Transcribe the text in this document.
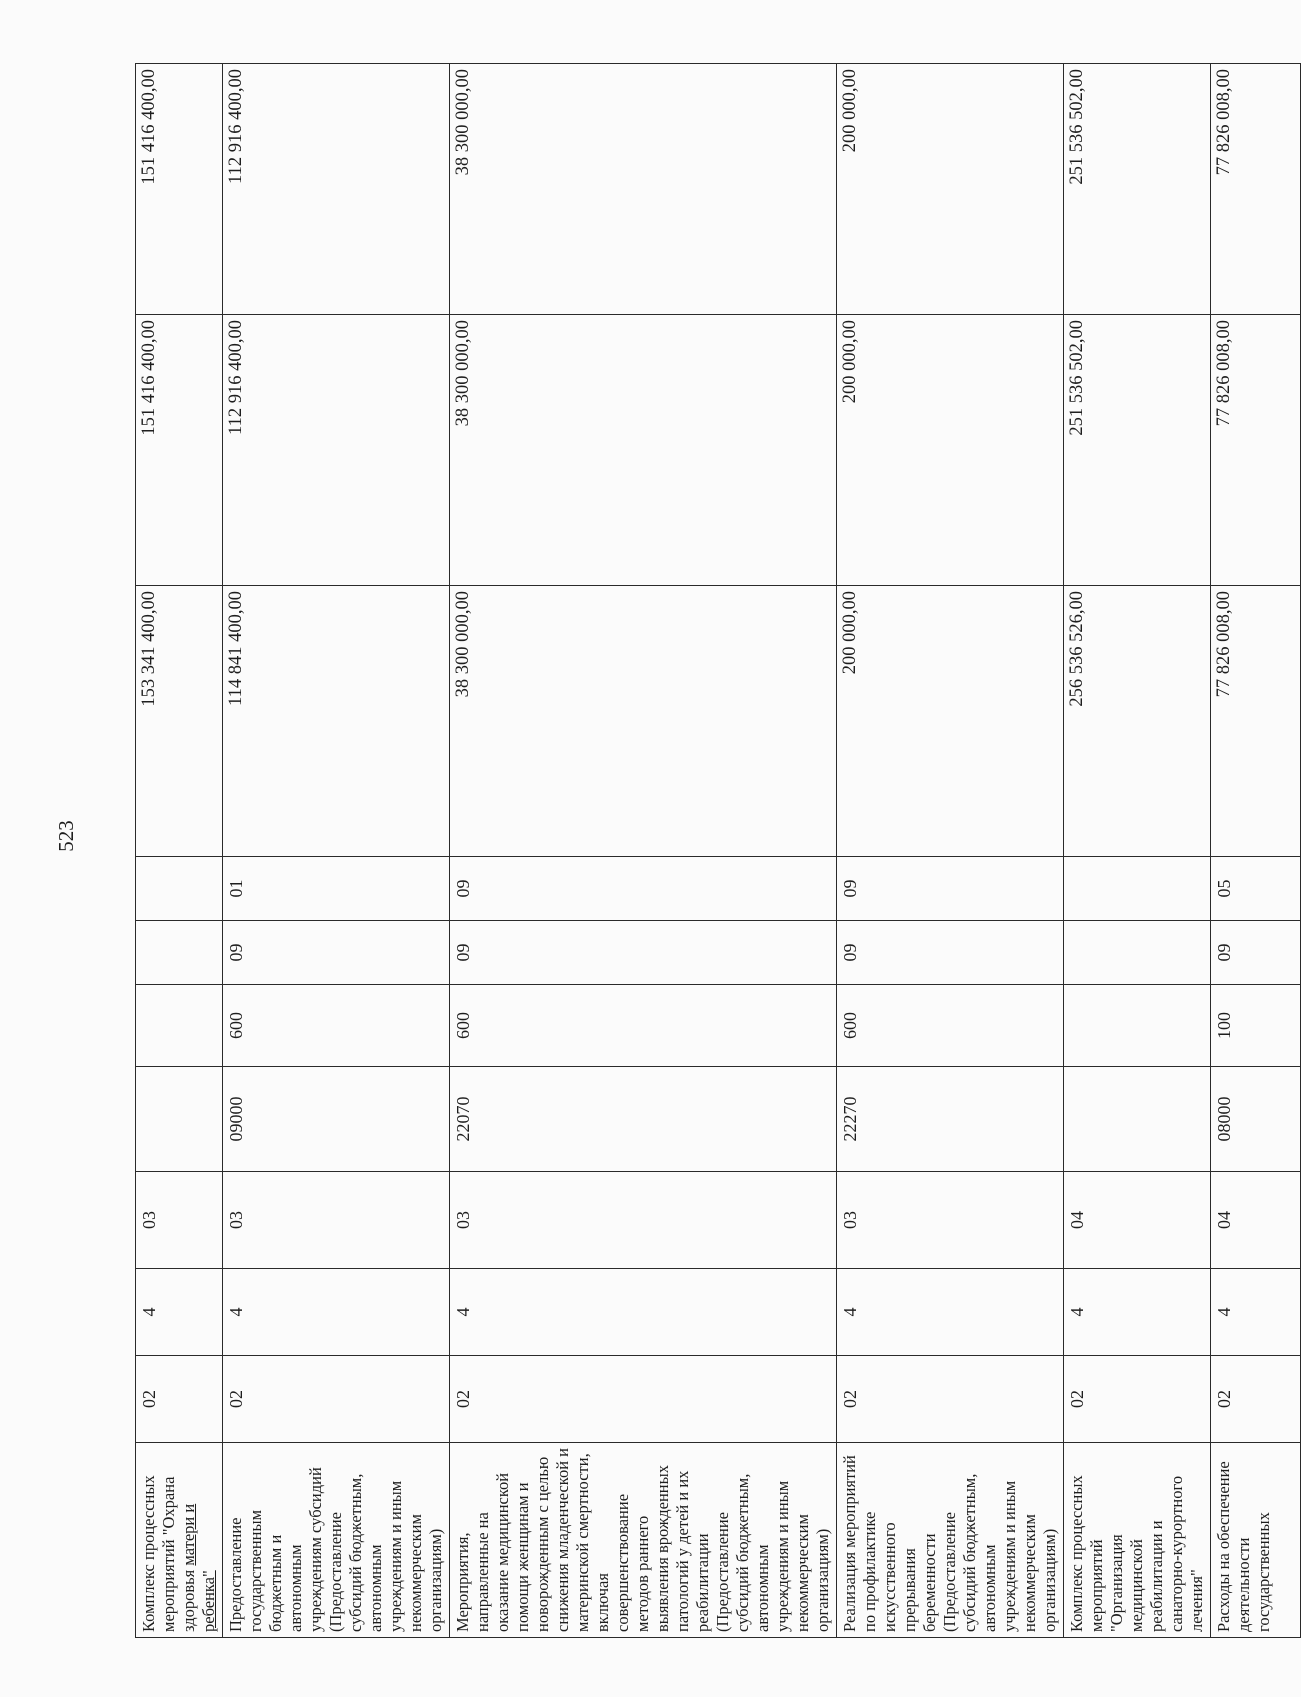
523
Комплекс процессных мероприятий "Охрана здоровья матери и ребенка"	02	4	03					153 341 400,00	151 416 400,00	151 416 400,00
Предоставление государственным бюджетным и автономным учреждениям субсидий (Предоставление субсидий бюджетным, автономным учреждениям и иным некоммерческим организациям)	02	4	03	09000	600	09	01	114 841 400,00	112 916 400,00	112 916 400,00
Мероприятия, направленные на оказание медицинской помощи женщинам и новорожденным с целью снижения младенческой и материнской смертности, включая совершенствование методов раннего выявления врожденных патологий у детей и их реабилитации (Предоставление субсидий бюджетным, автономным учреждениям и иным некоммерческим организациям)	02	4	03	22070	600	09	09	38 300 000,00	38 300 000,00	38 300 000,00
Реализация мероприятий по профилактике искусственного прерывания беременности (Предоставление субсидий бюджетным, автономным учреждениям и иным некоммерческим организациям)	02	4	03	22270	600	09	09	200 000,00	200 000,00	200 000,00
Комплекс процессных мероприятий "Организация медицинской реабилитации и санаторно-курортного лечения"	02	4	04					256 536 526,00	251 536 502,00	251 536 502,00
Расходы на обеспечение деятельности государственных	02	4	04	08000	100	09	05	77 826 008,00	77 826 008,00	77 826 008,00
